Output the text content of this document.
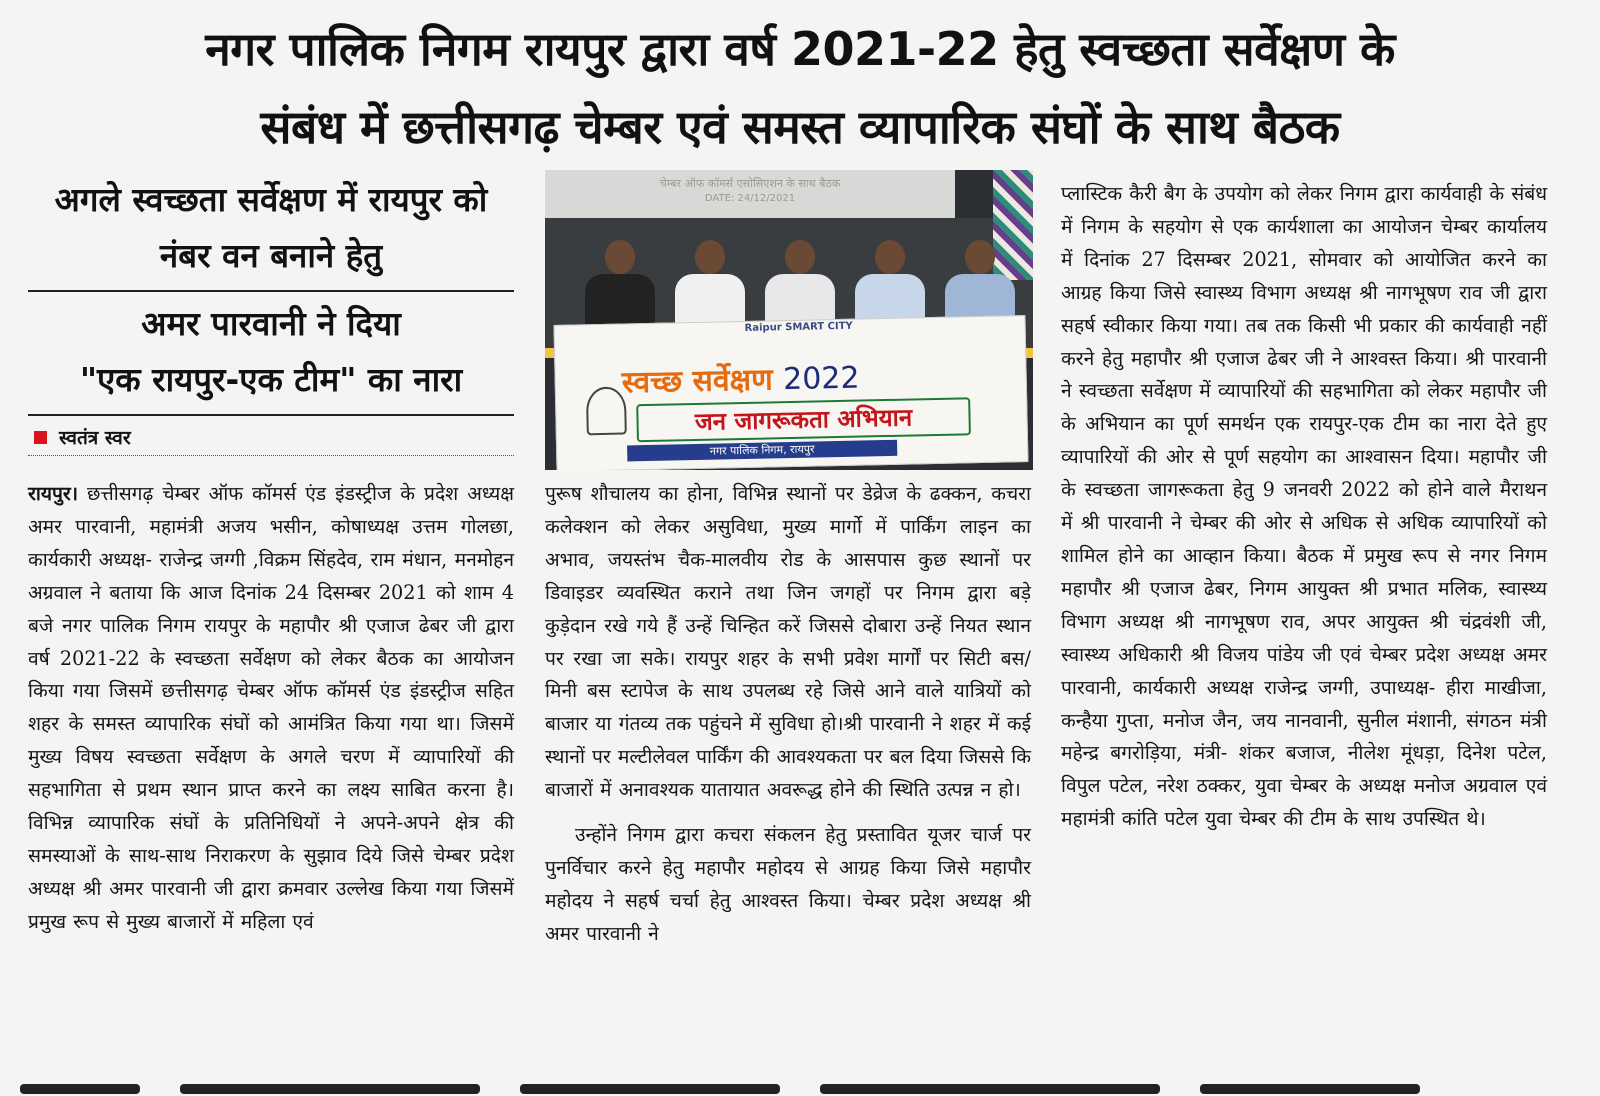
नगर पालिक निगम रायपुर द्वारा वर्ष 2021-22 हेतु स्वच्छता सर्वेक्षण के
संबंध में छत्तीसगढ़ चेम्बर एवं समस्त व्यापारिक संघों के साथ बैठक
अगले स्वच्छता सर्वेक्षण में रायपुर को
नंबर वन बनाने हेतु
अमर पारवानी ने दिया
"एक रायपुर-एक टीम" का नारा
स्वतंत्र स्वर
चेम्बर ऑफ कॉमर्स एसोसिएशन के साथ बैठक
DATE: 24/12/2021
Raipur SMART CITY
स्वच्छ सर्वेक्षण 2022
जन जागरूकता अभियान
नगर पालिक निगम, रायपुर

रायपुर। छत्तीसगढ़ चेम्बर ऑफ कॉमर्स एंड इंडस्ट्रीज के प्रदेश अध्यक्ष अमर पारवानी, महामंत्री अजय भसीन, कोषाध्यक्ष उत्तम गोलछा, कार्यकारी अध्यक्ष- राजेन्द्र जग्गी ,विक्रम सिंहदेव, राम मंधान, मनमोहन अग्रवाल ने बताया कि आज दिनांक 24 दिसम्बर 2021 को शाम 4 बजे नगर पालिक निगम रायपुर के महापौर श्री एजाज ढेबर जी द्वारा वर्ष 2021-22 के स्वच्छता सर्वेक्षण को लेकर बैठक का आयोजन किया गया जिसमें छत्तीसगढ़ चेम्बर ऑफ कॉमर्स एंड इंडस्ट्रीज सहित शहर के समस्त व्यापारिक संघों को आमंत्रित किया गया था। जिसमें मुख्य विषय स्वच्छता सर्वेक्षण के अगले चरण में व्यापारियों की सहभागिता से प्रथम स्थान प्राप्त करने का लक्ष्य साबित करना है। विभिन्न व्यापारिक संघों के प्रतिनिधियों ने अपने-अपने क्षेत्र की समस्याओं के साथ-साथ निराकरण के सुझाव दिये जिसे चेम्बर प्रदेश अध्यक्ष श्री अमर पारवानी जी द्वारा क्रमवार उल्लेख किया गया जिसमें प्रमुख रूप से मुख्य बाजारों में महिला एवं

पुरूष शौचालय का होना, विभिन्न स्थानों पर डेव्रेज के ढक्कन, कचरा कलेक्शन को लेकर असुविधा, मुख्य मार्गो में पार्किंग लाइन का अभाव, जयस्तंभ चैक-मालवीय रोड के आसपास कुछ स्थानों पर डिवाइडर व्यवस्थित कराने तथा जिन जगहों पर निगम द्वारा बड़े कुड़ेदान रखे गये हैं उन्हें चिन्हित करें जिससे दोबारा उन्हें नियत स्थान पर रखा जा सके। रायपुर शहर के सभी प्रवेश मार्गों पर सिटी बस/ मिनी बस स्टापेज के साथ उपलब्ध रहे जिसे आने वाले यात्रियों को बाजार या गंतव्य तक पहुंचने में सुविधा हो।श्री पारवानी ने शहर में कई स्थानों पर मल्टीलेवल पार्किंग की आवश्यकता पर बल दिया जिससे कि बाजारों में अनावश्यक यातायात अवरूद्ध होने की स्थिति उत्पन्न न हो।

उन्होंने निगम द्वारा कचरा संकलन हेतु प्रस्तावित यूजर चार्ज पर पुनर्विचार करने हेतु महापौर महोदय से आग्रह किया जिसे महापौर महोदय ने सहर्ष चर्चा हेतु आश्वस्त किया। चेम्बर प्रदेश अध्यक्ष श्री अमर पारवानी ने

प्लास्टिक कैरी बैग के उपयोग को लेकर निगम द्वारा कार्यवाही के संबंध में निगम के सहयोग से एक कार्यशाला का आयोजन चेम्बर कार्यालय में दिनांक 27 दिसम्बर 2021, सोमवार को आयोजित करने का आग्रह किया जिसे स्वास्थ्य विभाग अध्यक्ष श्री नागभूषण राव जी द्वारा सहर्ष स्वीकार किया गया। तब तक किसी भी प्रकार की कार्यवाही नहीं करने हेतु महापौर श्री एजाज ढेबर जी ने आश्वस्त किया। श्री पारवानी ने स्वच्छता सर्वेक्षण में व्यापारियों की सहभागिता को लेकर महापौर जी के अभियान का पूर्ण समर्थन एक रायपुर-एक टीम का नारा देते हुए व्यापारियों की ओर से पूर्ण सहयोग का आश्वासन दिया। महापौर जी के स्वच्छता जागरूकता हेतु 9 जनवरी 2022 को होने वाले मैराथन में श्री पारवानी ने चेम्बर की ओर से अधिक से अधिक व्यापारियों को शामिल होने का आव्हान किया। बैठक में प्रमुख रूप से नगर निगम महापौर श्री एजाज ढेबर, निगम आयुक्त श्री प्रभात मलिक, स्वास्थ्य विभाग अध्यक्ष श्री नागभूषण राव, अपर आयुक्त श्री चंद्रवंशी जी, स्वास्थ्य अधिकारी श्री विजय पांडेय जी एवं चेम्बर प्रदेश अध्यक्ष अमर पारवानी, कार्यकारी अध्यक्ष राजेन्द्र जग्गी, उपाध्यक्ष- हीरा माखीजा, कन्हैया गुप्ता, मनोज जैन, जय नानवानी, सुनील मंशानी, संगठन मंत्री महेन्द्र बगरोड़िया, मंत्री- शंकर बजाज, नीलेश मूंधड़ा, दिनेश पटेल, विपुल पटेल, नरेश ठक्कर, युवा चेम्बर के अध्यक्ष मनोज अग्रवाल एवं महामंत्री कांति पटेल युवा चेम्बर की टीम के साथ उपस्थित थे।
